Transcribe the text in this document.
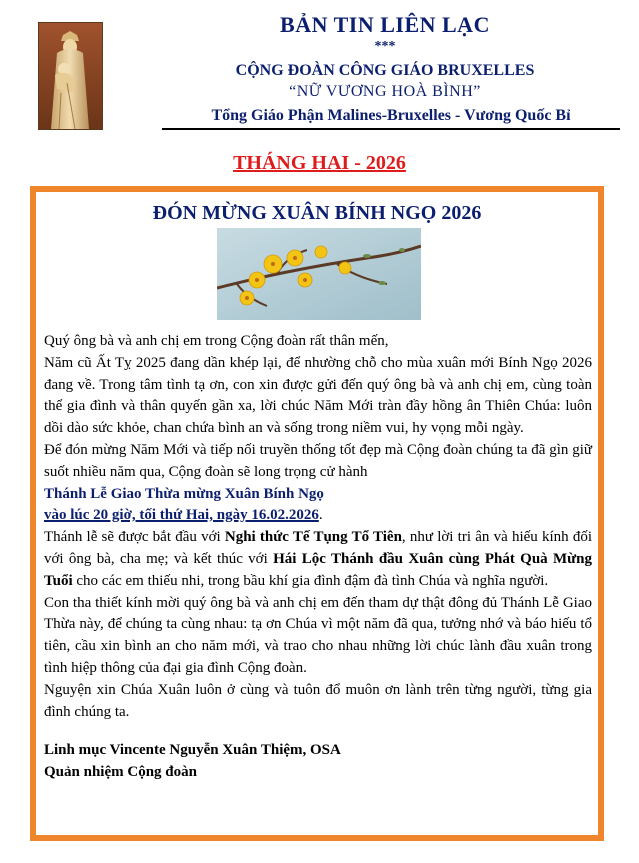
BẢN TIN LIÊN LẠC
***
CỘNG ĐOÀN CÔNG GIÁO BRUXELLES
“NỮ VƯƠNG HOÀ BÌNH”
Tổng Giáo Phận Malines-Bruxelles - Vương Quốc Bỉ
THÁNG HAI - 2026
ĐÓN MỪNG XUÂN BÍNH NGỌ 2026

Quý ông bà và anh chị em trong Cộng đoàn rất thân mến,

Năm cũ Ất Tỵ 2025 đang dần khép lại, để nhường chỗ cho mùa xuân mới Bính Ngọ 2026 đang về. Trong tâm tình tạ ơn, con xin được gửi đến quý ông bà và anh chị em, cùng toàn thể gia đình và thân quyến gần xa, lời chúc Năm Mới tràn đầy hồng ân Thiên Chúa: luôn dồi dào sức khỏe, chan chứa bình an và sống trong niềm vui, hy vọng mỗi ngày.

Để đón mừng Năm Mới và tiếp nối truyền thống tốt đẹp mà Cộng đoàn chúng ta đã gìn giữ suốt nhiều năm qua, Cộng đoàn sẽ long trọng cử hành

Thánh Lễ Giao Thừa mừng Xuân Bính Ngọ

vào lúc 20 giờ, tối thứ Hai, ngày 16.02.2026.

Thánh lễ sẽ được bắt đầu với Nghi thức Tế Tụng Tổ Tiên, như lời tri ân và hiếu kính đối với ông bà, cha mẹ; và kết thúc với Hái Lộc Thánh đầu Xuân cùng Phát Quà Mừng Tuổi cho các em thiếu nhi, trong bầu khí gia đình đậm đà tình Chúa và nghĩa người.

Con tha thiết kính mời quý ông bà và anh chị em đến tham dự thật đông đủ Thánh Lễ Giao Thừa này, để chúng ta cùng nhau: tạ ơn Chúa vì một năm đã qua, tưởng nhớ và báo hiếu tổ tiên, cầu xin bình an cho năm mới, và trao cho nhau những lời chúc lành đầu xuân trong tình hiệp thông của đại gia đình Cộng đoàn.

Nguyện xin Chúa Xuân luôn ở cùng và tuôn đổ muôn ơn lành trên từng người, từng gia đình chúng ta.

Linh mục Vincente Nguyễn Xuân Thiệm, OSA
Quản nhiệm Cộng đoàn
